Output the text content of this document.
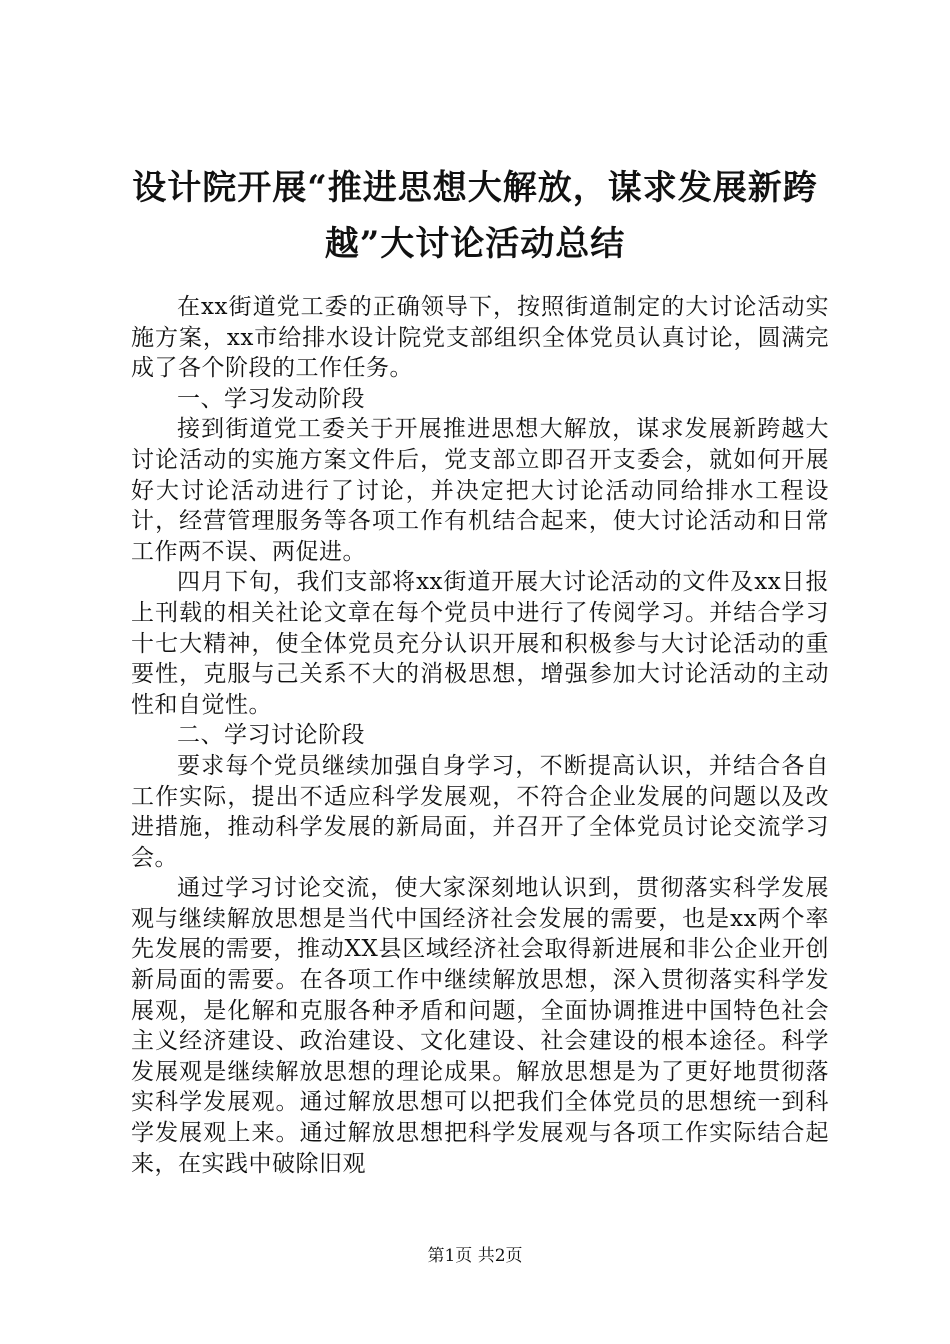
设计院开展“推进思想大解放，谋求发展新跨越”大讨论活动总结

在xx街道党工委的正确领导下，按照街道制定的大讨论活动实施方案，xx市给排水设计院党支部组织全体党员认真讨论，圆满完成了各个阶段的工作任务。

一、学习发动阶段

接到街道党工委关于开展推进思想大解放，谋求发展新跨越大讨论活动的实施方案文件后，党支部立即召开支委会，就如何开展好大讨论活动进行了讨论，并决定把大讨论活动同给排水工程设计，经营管理服务等各项工作有机结合起来，使大讨论活动和日常工作两不误、两促进。

四月下旬，我们支部将xx街道开展大讨论活动的文件及xx日报上刊载的相关社论文章在每个党员中进行了传阅学习。并结合学习十七大精神，使全体党员充分认识开展和积极参与大讨论活动的重要性，克服与己关系不大的消极思想，增强参加大讨论活动的主动性和自觉性。

二、学习讨论阶段

要求每个党员继续加强自身学习，不断提高认识，并结合各自工作实际，提出不适应科学发展观，不符合企业发展的问题以及改进措施，推动科学发展的新局面，并召开了全体党员讨论交流学习会。

通过学习讨论交流，使大家深刻地认识到，贯彻落实科学发展观与继续解放思想是当代中国经济社会发展的需要，也是xx两个率先发展的需要，推动XX县区域经济社会取得新进展和非公企业开创新局面的需要。在各项工作中继续解放思想，深入贯彻落实科学发展观，是化解和克服各种矛盾和问题，全面协调推进中国特色社会主义经济建设、政治建设、文化建设、社会建设的根本途径。科学发展观是继续解放思想的理论成果。解放思想是为了更好地贯彻落实科学发展观。通过解放思想可以把我们全体党员的思想统一到科学发展观上来。通过解放思想把科学发展观与各项工作实际结合起来，在实践中破除旧观

第1页 共2页
